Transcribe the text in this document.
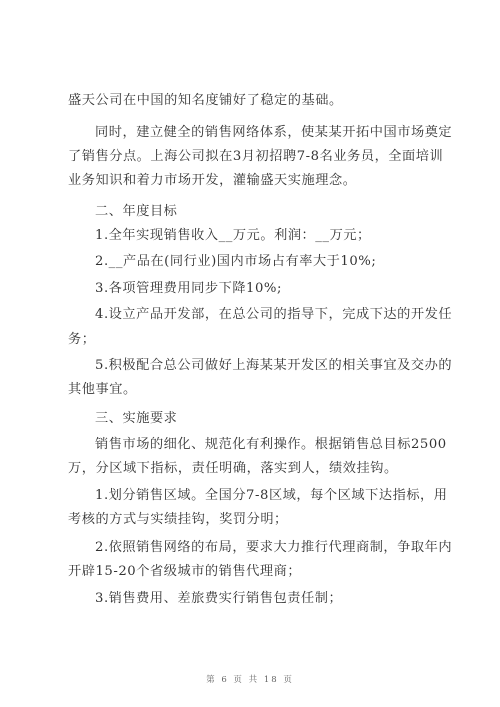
盛天公司在中国的知名度铺好了稳定的基础。
同时，建立健全的销售网络体系，使某某开拓中国市场奠定
了销售分点。上海公司拟在3月初招聘7-8名业务员，全面培训
业务知识和着力市场开发，灌输盛天实施理念。
二、年度目标
1.全年实现销售收入__万元。利润：__万元；
2.__产品在(同行业)国内市场占有率大于10%;
3.各项管理费用同步下降10%;
4.设立产品开发部，在总公司的指导下，完成下达的开发任
务；
5.积极配合总公司做好上海某某开发区的相关事宜及交办的
其他事宜。
三、实施要求
销售市场的细化、规范化有利操作。根据销售总目标2500
万，分区域下指标，责任明确，落实到人，绩效挂钩。
1.划分销售区域。全国分7-8区域，每个区域下达指标，用
考核的方式与实绩挂钩，奖罚分明；
2.依照销售网络的布局，要求大力推行代理商制，争取年内
开辟15-20个省级城市的销售代理商；
3.销售费用、差旅费实行销售包责任制；
第 6 页 共 18 页
